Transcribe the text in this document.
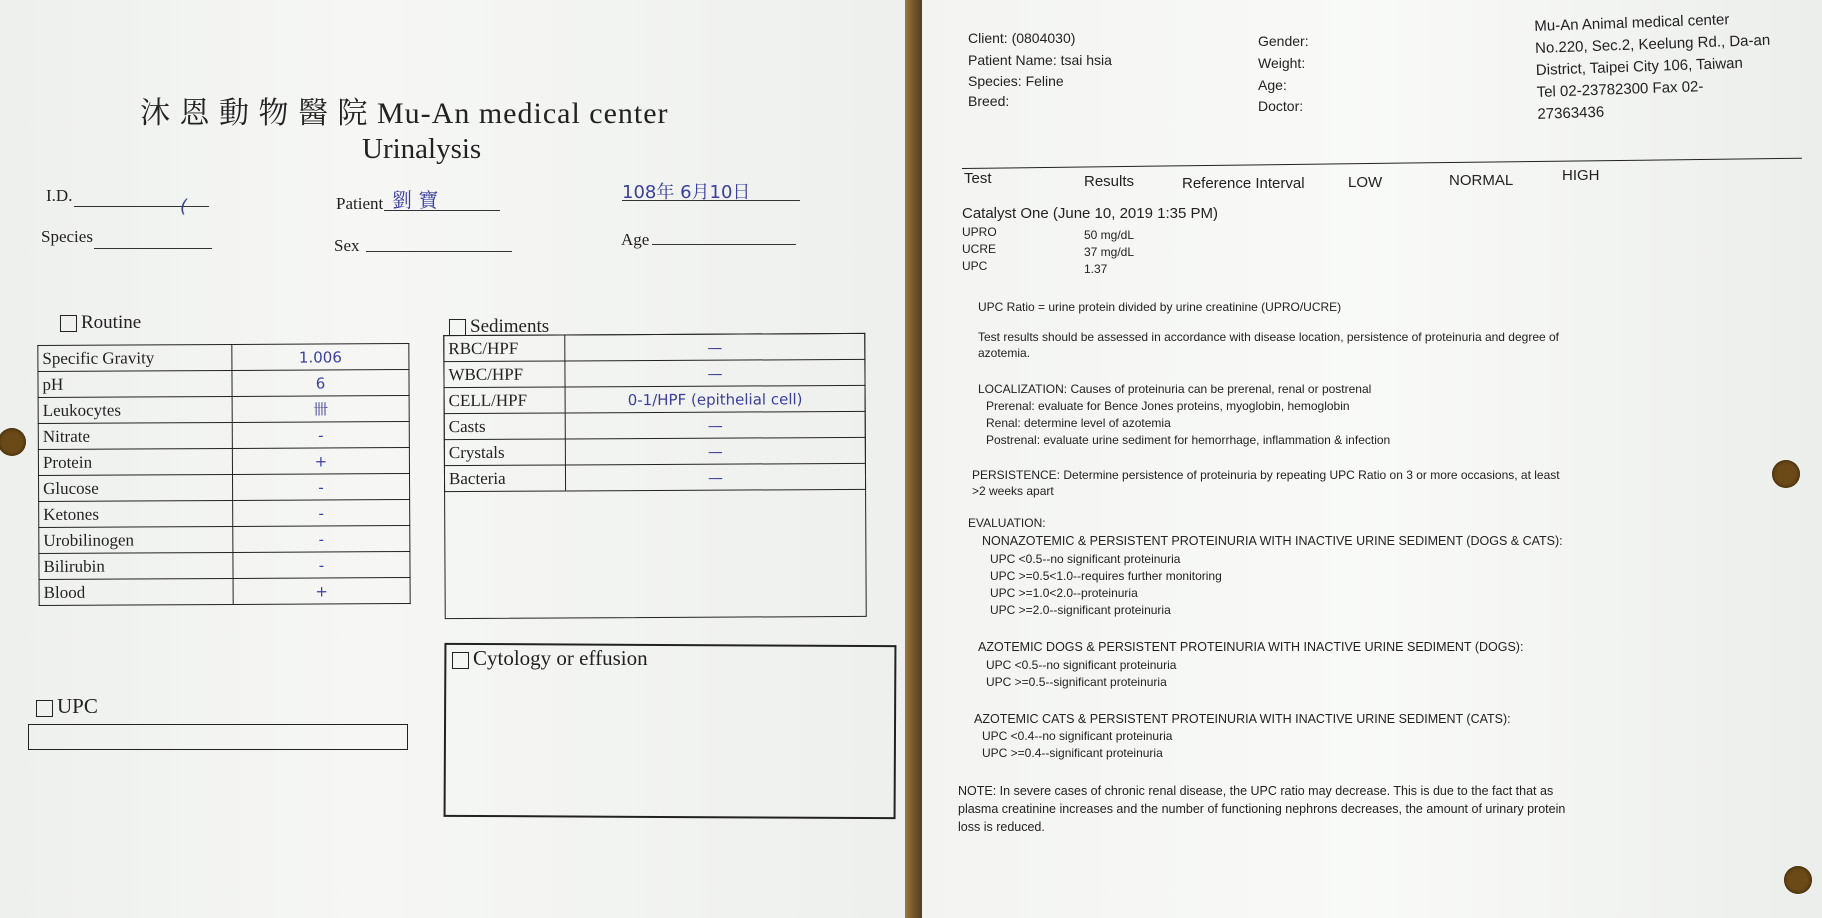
沐 恩 動 物 醫 院 Mu-An medical center
Urinalysis
I.D.
(	Patient 劉 寶	108年 6月10日
Species	Sex	Age
Routine
Specific Gravity	1.006
pH	6
Leukocytes	卌
Nitrate	-
Protein	+
Glucose	-
Ketones	-
Urobilinogen	-
Bilirubin	-
Blood	+
Sediments
RBC/HPF	—
WBC/HPF	—
CELL/HPF	0-1/HPF (epithelial cell)
Casts	—
Crystals	—
Bacteria	—
Cytology or effusion
UPC
Client: (0804030)
Patient Name: tsai hsia
Species: Feline
Breed:
Gender:
Weight:
Age:
Doctor:
Mu-An Animal medical center
No.220, Sec.2, Keelung Rd., Da-an
District, Taipei City 106, Taiwan
Tel 02-23782300 Fax 02-
27363436
Test	Results	Reference Interval	LOW	NORMAL	HIGH
Catalyst One (June 10, 2019 1:35 PM)
UPRO	50 mg/dL
UCRE	37 mg/dL
UPC	1.37
UPC Ratio = urine protein divided by urine creatinine (UPRO/UCRE)
Test results should be assessed in accordance with disease location, persistence of proteinuria and degree of
azotemia.
LOCALIZATION: Causes of proteinuria can be prerenal, renal or postrenal
Prerenal: evaluate for Bence Jones proteins, myoglobin, hemoglobin
Renal: determine level of azotemia
Postrenal: evaluate urine sediment for hemorrhage, inflammation & infection
PERSISTENCE: Determine persistence of proteinuria by repeating UPC Ratio on 3 or more occasions, at least
>2 weeks apart
EVALUATION:
NONAZOTEMIC & PERSISTENT PROTEINURIA WITH INACTIVE URINE SEDIMENT (DOGS & CATS):
UPC <0.5--no significant proteinuria
UPC >=0.5<1.0--requires further monitoring
UPC >=1.0<2.0--proteinuria
UPC >=2.0--significant proteinuria
AZOTEMIC DOGS & PERSISTENT PROTEINURIA WITH INACTIVE URINE SEDIMENT (DOGS):
UPC <0.5--no significant proteinuria
UPC >=0.5--significant proteinuria
AZOTEMIC CATS & PERSISTENT PROTEINURIA WITH INACTIVE URINE SEDIMENT (CATS):
UPC <0.4--no significant proteinuria
UPC >=0.4--significant proteinuria
NOTE: In severe cases of chronic renal disease, the UPC ratio may decrease. This is due to the fact that as
plasma creatinine increases and the number of functioning nephrons decreases, the amount of urinary protein
loss is reduced.
